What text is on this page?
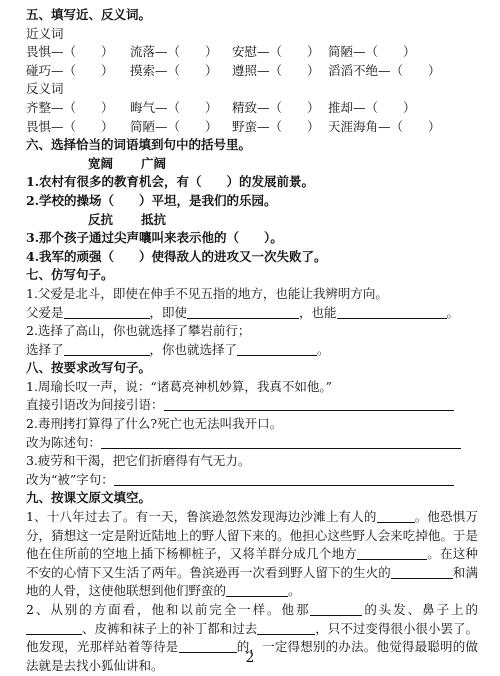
五、填写近、反义词。
近义词
畏惧—（　　）	流落—（　　）	安慰—（　　） 简陋—（　　）
碰巧—（　　）	摸索—（　　）	遵照—（　　） 滔滔不绝—（　　）
反义词
齐整—（　　）	晦气—（　　）	精致—（　　） 推却—（　　）
畏惧—（　　）	简陋—（　　）	野蛮—（　　） 天涯海角—（　　）
六、选择恰当的词语填到句中的括号里。
宽阔 广阔
1.农村有很多的教育机会，有（　　）的发展前景。
2.学校的操场（　　）平坦，是我们的乐园。
反抗 抵抗
3.那个孩子通过尖声嚷叫来表示他的（　　）。
4.我军的顽强（　　）使得敌人的进攻又一次失败了。
七、仿写句子。
1.父爱是北斗，即使在伸手不见五指的地方，也能让我辨明方向。
父爱是	，即使	，也能	。
2.选择了高山，你也就选择了攀岩前行；
选择了	，你也就选择了	。
八、按要求改写句子。
1.周瑜长叹一声，说：“诸葛亮神机妙算，我真不如他。”
直接引语改为间接引语：
2.毒刑拷打算得了什么?死亡也无法叫我开口。
改为陈述句：
3.疲劳和干渴，把它们折磨得有气无力。
改为“被”字句：
九、按课文原文填空。
1、十八年过去了。有一天，鲁滨逊忽然发现海边沙滩上有人的	。他恐惧万分，猜想这一定是附近陆地上的野人留下来的。他担心这些野人会来吃掉他。于是他在住所前的空地上插下杨柳桩子，又将羊群分成几个地方	。在这种不安的心情下又生活了两年。鲁滨逊再一次看到野人留下的生火的	和满地的人骨，这使他联想到他们野蛮的	。
2、从别的方面看，他和以前完全一样。他那	的头发、鼻子上的、皮裤和袜子上的补丁都和过去	，只不过变得很小很小罢了。他发现，光那样站着等待是	的，一定得想别的办法。他觉得最聪明的做法就是去找小狐仙讲和。	2
